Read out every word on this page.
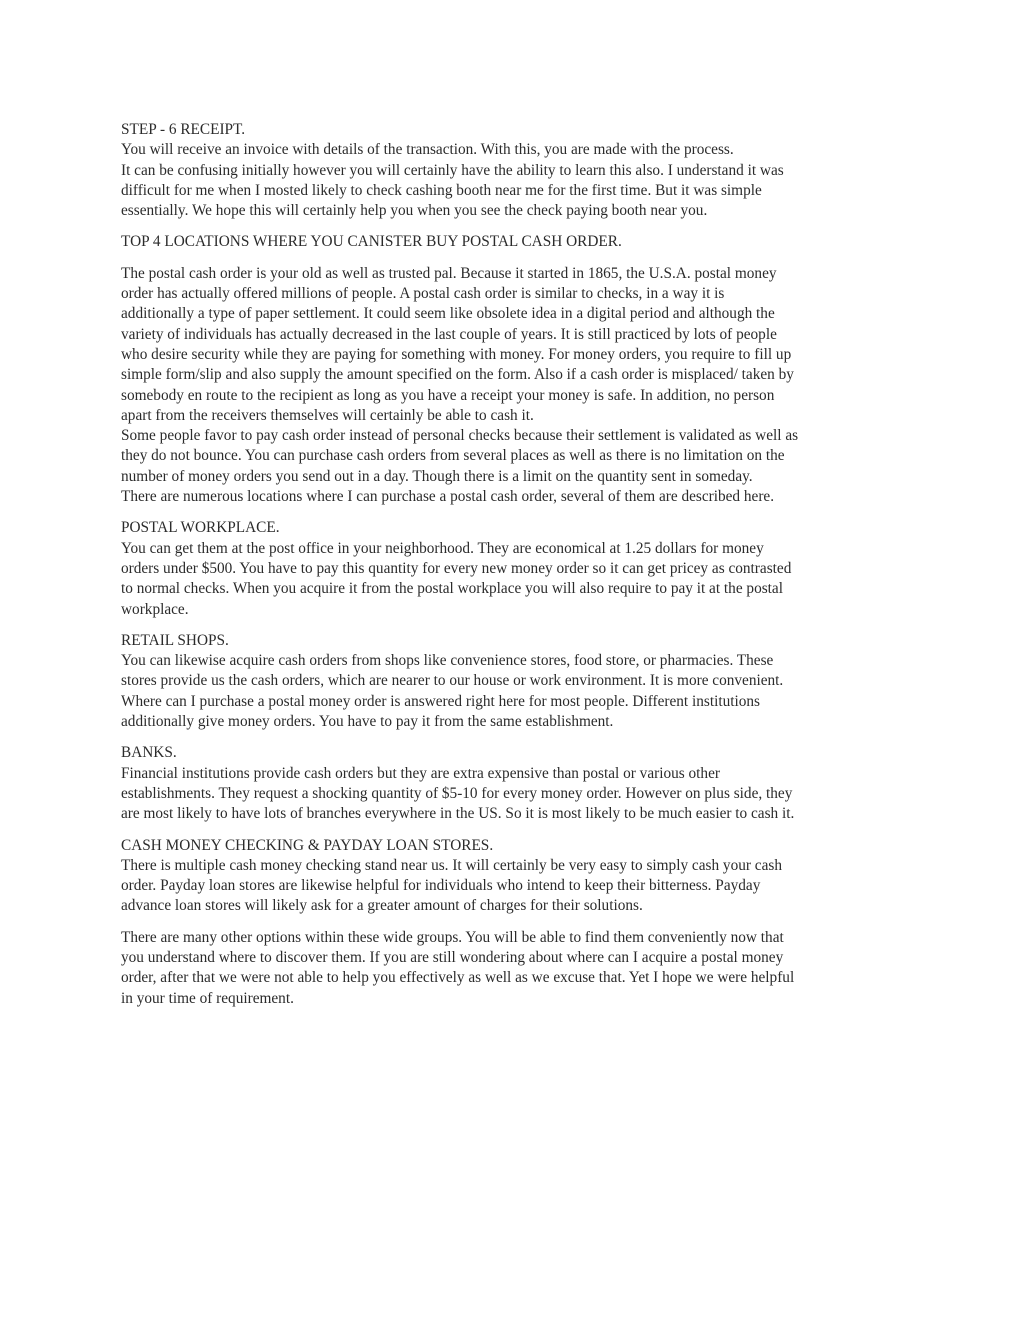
STEP - 6 RECEIPT.
You will receive an invoice with details of the transaction. With this, you are made with the process.
It can be confusing initially however you will certainly have the ability to learn this also. I understand it was
difficult for me when I mosted likely to check cashing booth near me for the first time. But it was simple
essentially. We hope this will certainly help you when you see the check paying booth near you.
TOP 4 LOCATIONS WHERE YOU CANISTER BUY POSTAL CASH ORDER.
The postal cash order is your old as well as trusted pal. Because it started in 1865, the U.S.A. postal money
order has actually offered millions of people. A postal cash order is similar to checks, in a way it is
additionally a type of paper settlement. It could seem like obsolete idea in a digital period and although the
variety of individuals has actually decreased in the last couple of years. It is still practiced by lots of people
who desire security while they are paying for something with money. For money orders, you require to fill up
simple form/slip and also supply the amount specified on the form. Also if a cash order is misplaced/ taken by
somebody en route to the recipient as long as you have a receipt your money is safe. In addition, no person
apart from the receivers themselves will certainly be able to cash it.
Some people favor to pay cash order instead of personal checks because their settlement is validated as well as
they do not bounce. You can purchase cash orders from several places as well as there is no limitation on the
number of money orders you send out in a day. Though there is a limit on the quantity sent in someday.
There are numerous locations where I can purchase a postal cash order, several of them are described here.
POSTAL WORKPLACE.
You can get them at the post office in your neighborhood. They are economical at 1.25 dollars for money
orders under $500. You have to pay this quantity for every new money order so it can get pricey as contrasted
to normal checks. When you acquire it from the postal workplace you will also require to pay it at the postal
workplace.
RETAIL SHOPS.
You can likewise acquire cash orders from shops like convenience stores, food store, or pharmacies. These
stores provide us the cash orders, which are nearer to our house or work environment. It is more convenient.
Where can I purchase a postal money order is answered right here for most people. Different institutions
additionally give money orders. You have to pay it from the same establishment.
BANKS.
Financial institutions provide cash orders but they are extra expensive than postal or various other
establishments. They request a shocking quantity of $5-10 for every money order. However on plus side, they
are most likely to have lots of branches everywhere in the US. So it is most likely to be much easier to cash it.
CASH MONEY CHECKING & PAYDAY LOAN STORES.
There is multiple cash money checking stand near us. It will certainly be very easy to simply cash your cash
order. Payday loan stores are likewise helpful for individuals who intend to keep their bitterness. Payday
advance loan stores will likely ask for a greater amount of charges for their solutions.
There are many other options within these wide groups. You will be able to find them conveniently now that
you understand where to discover them. If you are still wondering about where can I acquire a postal money
order, after that we were not able to help you effectively as well as we excuse that. Yet I hope we were helpful
in your time of requirement.
